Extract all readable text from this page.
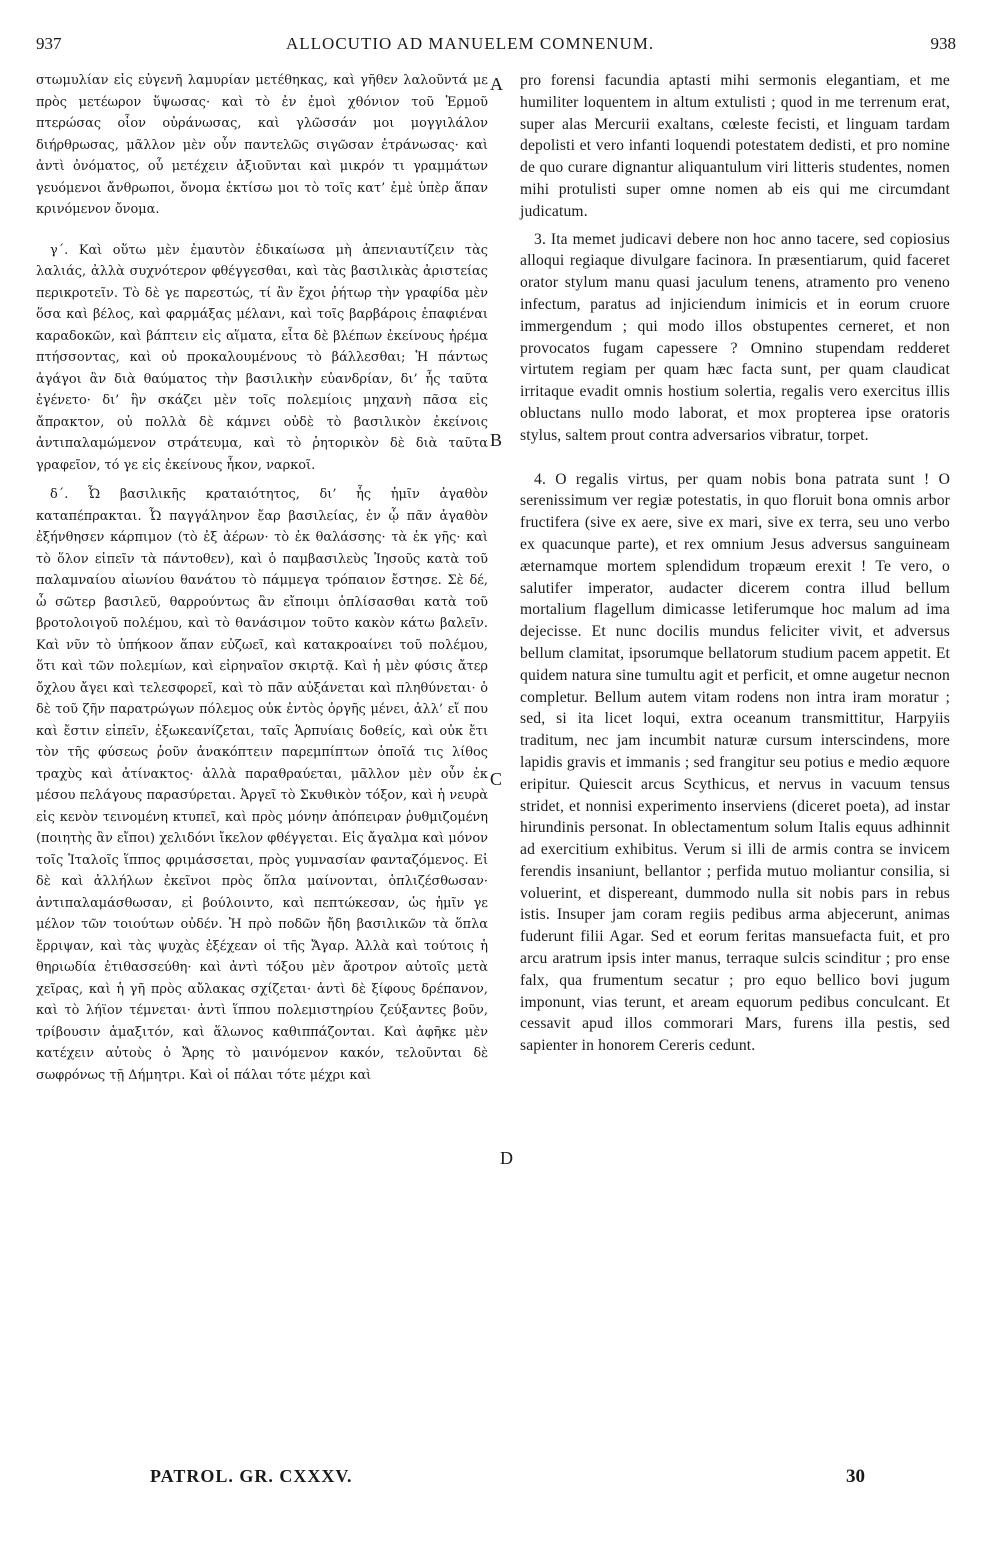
937	ALLOCUTIO AD MANUELEM COMNENUM.	938

στωμυλίαν εἰς εὐγενῆ λαμυρίαν μετέθηκας, καὶ γῆθεν λαλοῦντά με πρὸς μετέωρον ὕψωσας· καὶ τὸ ἐν ἐμοὶ χθόνιον τοῦ Ἑρμοῦ πτερώσας οἷον οὐράνωσας, καὶ γλῶσσάν μοι μογγιλάλον διήρθρωσας, μᾶλλον μὲν οὖν παντελῶς σιγῶσαν ἐτράνωσας· καὶ ἀντὶ ὀνόματος, οὗ μετέχειν ἀξιοῦνται καὶ μικρόν τι γραμμάτων γευόμενοι ἄνθρωποι, ὄνομα ἐκτίσω μοι τὸ τοῖς κατ’ ἐμὲ ὑπὲρ ἅπαν κρινόμενον ὄνομα.

γ΄. Καὶ οὕτω μὲν ἐμαυτὸν ἐδικαίωσα μὴ ἀπενιαυτίζειν τὰς λαλιάς, ἀλλὰ συχνότερον φθέγγεσθαι, καὶ τὰς βασιλικὰς ἀριστείας περικροτεῖν. Τὸ δὲ γε παρεστώς, τί ἂν ἔχοι ῥήτωρ τὴν γραφίδα μὲν ὅσα καὶ βέλος, καὶ φαρμάξας μέλανι, καὶ τοῖς βαρβάροις ἐπαφιέναι καραδοκῶν, καὶ βάπτειν εἰς αἵματα, εἶτα δὲ βλέπων ἐκείνους ἠρέμα πτήσσοντας, καὶ οὐ προκαλουμένους τὸ βάλλεσθαι; Ἡ πάντως ἀγάγοι ἂν διὰ θαύματος τὴν βασιλικὴν εὐανδρίαν, δι’ ἧς ταῦτα ἐγένετο· δι’ ἣν σκάζει μὲν τοῖς πολεμίοις μηχανὴ πᾶσα εἰς ἄπρακτον, οὐ πολλὰ δὲ κάμνει οὐδὲ τὸ βασιλικὸν ἐκείνοις ἀντιπαλαμώμενον στράτευμα, καὶ τὸ ῥητορικὸν δὲ διὰ ταῦτα γραφεῖον, τό γε εἰς ἐκείνους ἧκον, ναρκοῖ.

δ΄. Ὦ βασιλικῆς κραταιότητος, δι’ ἧς ἡμῖν ἀγαθὸν καταπέπρακται. Ὦ παγγάληνον ἔαρ βασιλείας, ἐν ᾧ πᾶν ἀγαθὸν ἐξήνθησεν κάρπιμον (τὸ ἐξ ἀέρων· τὸ ἐκ θαλάσσης· τὰ ἐκ γῆς· καὶ τὸ ὅλον εἰπεῖν τὰ πάντοθεν), καὶ ὁ παμβασιλεὺς Ἰησοῦς κατὰ τοῦ παλαμναίου αἰωνίου θανάτου τὸ πάμμεγα τρόπαιον ἔστησε. Σὲ δέ, ὦ σῶτερ βασιλεῦ, θαρρούντως ἂν εἴποιμι ὁπλίσασθαι κατὰ τοῦ βροτολοιγοῦ πολέμου, καὶ τὸ θανάσιμον τοῦτο κακὸν κάτω βαλεῖν. Καὶ νῦν τὸ ὑπήκοον ἅπαν εὐζωεῖ, καὶ κατακροαίνει τοῦ πολέμου, ὅτι καὶ τῶν πολεμίων, καὶ εἰρηναῖον σκιρτᾷ. Καὶ ἡ μὲν φύσις ἄτερ ὄχλου ἄγει καὶ τελεσφορεῖ, καὶ τὸ πᾶν αὐξάνεται καὶ πληθύνεται· ὁ δὲ τοῦ ζῆν παρατρώγων πόλεμος οὐκ ἐντὸς ὀργῆς μένει, ἀλλ’ εἴ που καὶ ἔστιν εἰπεῖν, ἐξωκεανίζεται, ταῖς Ἁρπυίαις δοθείς, καὶ οὐκ ἔτι τὸν τῆς φύσεως ῥοῦν ἀνακόπτειν παρεμπίπτων ὁποῖά τις λίθος τραχὺς καὶ ἀτίνακτος· ἀλλὰ παραθραύεται, μᾶλλον μὲν οὖν ἐκ μέσου πελάγους παρασύρεται. Ἀργεῖ τὸ Σκυθικὸν τόξον, καὶ ἡ νευρὰ εἰς κενὸν τεινομένη κτυπεῖ, καὶ πρὸς μόνην ἀπόπειραν ῥυθμιζομένη (ποιητὴς ἂν εἴποι) χελιδόνι ἴκελον φθέγγεται. Εἰς ἄγαλμα καὶ μόνον τοῖς Ἰταλοῖς ἵππος φριμάσσεται, πρὸς γυμνασίαν φανταζόμενος. Εἰ δὲ καὶ ἀλλήλων ἐκεῖνοι πρὸς ὅπλα μαίνονται, ὁπλιζέσθωσαν· ἀντιπαλαμάσθωσαν, εἰ βούλοιντο, καὶ πεπτώκεσαν, ὡς ἡμῖν γε μέλον τῶν τοιούτων οὐδέν. Ἡ πρὸ ποδῶν ἤδη βασιλικῶν τὰ ὅπλα ἔρριψαν, καὶ τὰς ψυχὰς ἐξέχεαν οἱ τῆς Ἄγαρ. Ἀλλὰ καὶ τούτοις ἡ θηριωδία ἐτιθασσεύθη· καὶ ἀντὶ τόξου μὲν ἄροτρον αὐτοῖς μετὰ χεῖρας, καὶ ἡ γῆ πρὸς αὔλακας σχίζεται· ἀντὶ δὲ ξίφους δρέπανον, καὶ τὸ λήϊον τέμνεται· ἀντὶ ἵππου πολεμιστηρίου ζεύξαντες βοῦν, τρίβουσιν ἁμαξιτόν, καὶ ἅλωνος καθιππάζονται. Καὶ ἀφῆκε μὲν κατέχειν αὐτοὺς ὁ Ἄρης τὸ μαινόμενον κακόν, τελοῦνται δὲ σωφρόνως τῇ Δήμητρι. Καὶ οἱ πάλαι τότε μέχρι καὶ

pro forensi facundia aptasti mihi sermonis elegantiam, et me humiliter loquentem in altum extulisti ; quod in me terrenum erat, super alas Mercurii exaltans, cœleste fecisti, et linguam tardam depolisti et vero infanti loquendi potestatem dedisti, et pro nomine de quo curare dignantur aliquantulum viri litteris studentes, nomen mihi protulisti super omne nomen ab eis qui me circumdant judicatum.

3. Ita memet judicavi debere non hoc anno tacere, sed copiosius alloqui regiaque divulgare facinora. In præsentiarum, quid faceret orator stylum manu quasi jaculum tenens, atramento pro veneno infectum, paratus ad injiciendum inimicis et in eorum cruore immergendum ; qui modo illos obstupentes cerneret, et non provocatos fugam capessere ? Omnino stupendam redderet virtutem regiam per quam hæc facta sunt, per quam claudicat irritaque evadit omnis hostium solertia, regalis vero exercitus illis obluctans nullo modo laborat, et mox propterea ipse oratoris stylus, saltem prout contra adversarios vibratur, torpet.

4. O regalis virtus, per quam nobis bona patrata sunt ! O serenissimum ver regiæ potestatis, in quo floruit bona omnis arbor fructifera (sive ex aere, sive ex mari, sive ex terra, seu uno verbo ex quacunque parte), et rex omnium Jesus adversus sanguineam æternamque mortem splendidum tropæum erexit ! Te vero, o salutifer imperator, audacter dicerem contra illud bellum mortalium flagellum dimicasse letiferumque hoc malum ad ima dejecisse. Et nunc docilis mundus feliciter vivit, et adversus bellum clamitat, ipsorumque bellatorum studium pacem appetit. Et quidem natura sine tumultu agit et perficit, et omne augetur necnon completur. Bellum autem vitam rodens non intra iram moratur ; sed, si ita licet loqui, extra oceanum transmittitur, Harpyiis traditum, nec jam incumbit naturæ cursum interscindens, more lapidis gravis et immanis ; sed frangitur seu potius e medio æquore eripitur. Quiescit arcus Scythicus, et nervus in vacuum tensus stridet, et nonnisi experimento inserviens (diceret poeta), ad instar hirundinis personat. In oblectamentum solum Italis equus adhinnit ad exercitium exhibitus. Verum si illi de armis contra se invicem ferendis insaniunt, bellantor ; perfida mutuo moliantur consilia, si voluerint, et dispereant, dummodo nulla sit nobis pars in rebus istis. Insuper jam coram regiis pedibus arma abjecerunt, animas fuderunt filii Agar. Sed et eorum feritas mansuefacta fuit, et pro arcu aratrum ipsis inter manus, terraque sulcis scinditur ; pro ense falx, qua frumentum secatur ; pro equo bellico bovi jugum imponunt, vias terunt, et aream equorum pedibus conculcant. Et cessavit apud illos commorari Mars, furens illa pestis, sed sapienter in honorem Cereris cedunt.

A
B
C
D
PATROL. GR. CXXXV.	30
